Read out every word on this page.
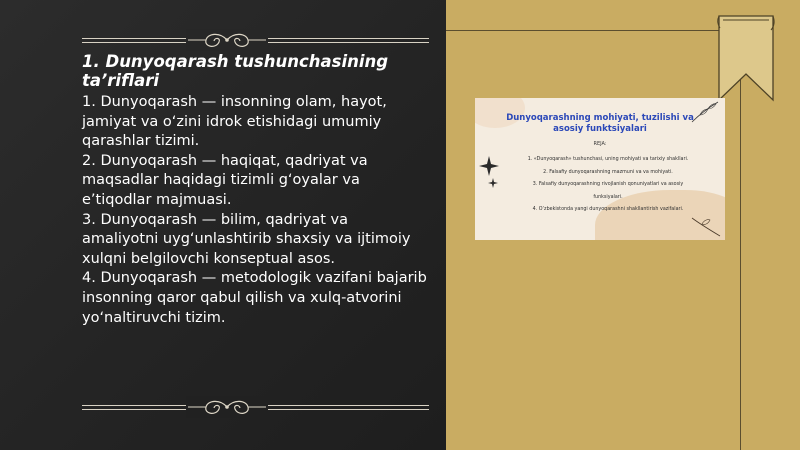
1. Dunyoqarash tushunchasining ta’riflari

1. Dunyoqarash — insonning olam, hayot, jamiyat va o‘zini idrok etishidagi umumiy qarashlar tizimi.

2. Dunyoqarash — haqiqat, qadriyat va maqsadlar haqidagi tizimli g‘oyalar va e’tiqodlar majmuasi.

3. Dunyoqarash — bilim, qadriyat va amaliyotni uyg‘unlashtirib shaxsiy va ijtimoiy xulqni belgilovchi konseptual asos.

4. Dunyoqarash — metodologik vazifani bajarib insonning qaror qabul qilish va xulq-atvorini yo‘naltiruvchi tizim.

Dunyoqarashning mohiyati, tuzilishi va asosiy funktsiyalari
REJA:
1. «Dunyoqarash» tushunchasi, uning mohiyati va tarixiy shakllari.
2. Falsafiy dunyoqarashning mazmuni va va mohiyati.
3. Falsafiy dunyoqarashning rivojlanish qonuniyatlari va asosiy
funksiyalari.
4. O‘zbekistonda yangi dunyoqarashni shakllantirish vazifalari.
